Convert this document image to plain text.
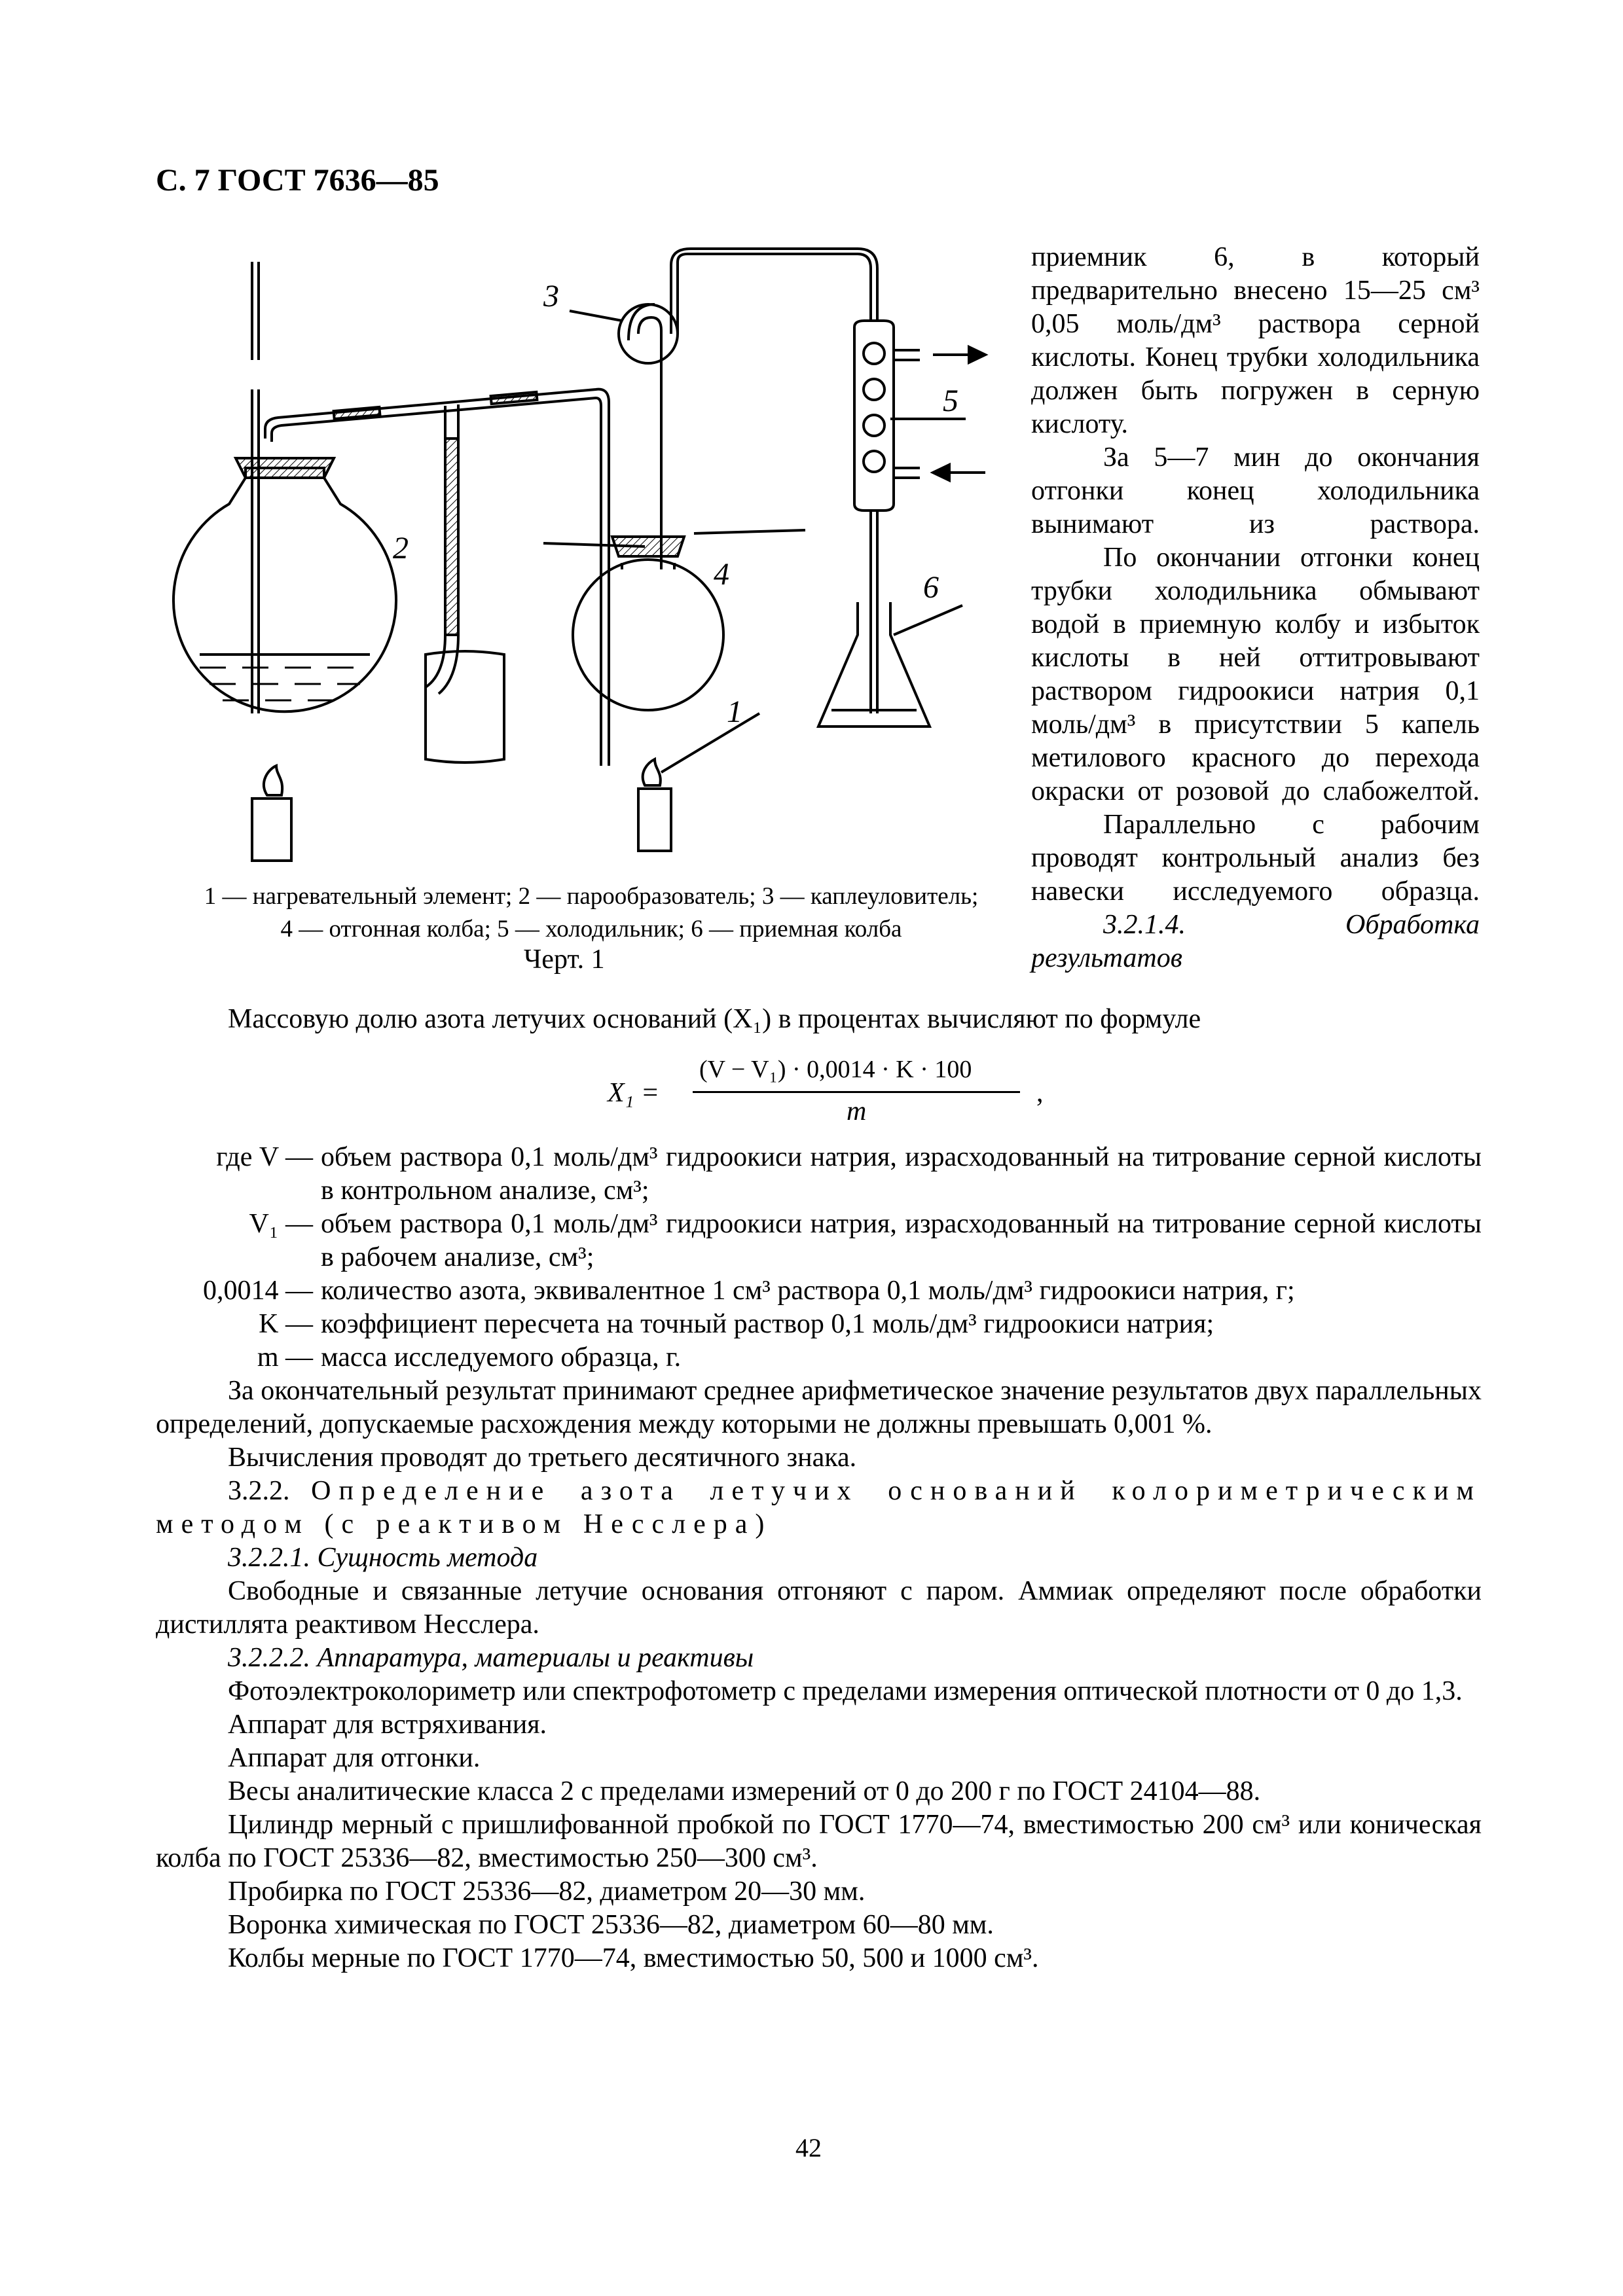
С. 7 ГОСТ 7636—85
3
5
2
4	6
1
1 — нагревательный элемент; 2 — парообразователь; 3 — каплеуловитель;
4 — отгонная колба; 5 — холодильник; 6 — приемная колба
Черт. 1

приемник 6, в который предварительно внесено 15—25 см³ 0,05 моль/дм³ раствора серной кислоты. Конец трубки холодильника должен быть погружен в серную кислоту.

За 5—7 мин до окончания отгонки конец холодильника вынимают из раствора.

По окончании отгонки конец трубки холодильника обмывают водой в приемную колбу и избыток кислоты в ней оттитровывают раствором гидроокиси натрия 0,1 моль/дм³ в присутствии 5 капель метилового красного до перехода окраски от розовой до слабожелтой.

Параллельно с рабочим проводят контрольный анализ без навески исследуемого образца.

3.2.1.4. Обработка результатов

Массовую долю азота летучих оснований (X₁) в процентах вычисляют по формуле

X₁ =
(V − V₁) · 0,0014 · K · 100
m
,
где V — объем раствора 0,1 моль/дм³ гидроокиси натрия, израсходованный на титрование серной кислоты в контрольном анализе, см³;
V₁ — объем раствора 0,1 моль/дм³ гидроокиси натрия, израсходованный на титрование серной кислоты в рабочем анализе, см³;
0,0014 — количество азота, эквивалентное 1 см³ раствора 0,1 моль/дм³ гидроокиси натрия, г;
K — коэффициент пересчета на точный раствор 0,1 моль/дм³ гидроокиси натрия;
m — масса исследуемого образца, г.

За окончательный результат принимают среднее арифметическое значение результатов двух параллельных определений, допускаемые расхождения между которыми не должны превышать 0,001 %.

Вычисления проводят до третьего десятичного знака.

3.2.2. Определение азота летучих оснований колориметрическим методом (с реактивом Несслера)

3.2.2.1. Сущность метода

Свободные и связанные летучие основания отгоняют с паром. Аммиак определяют после обработки дистиллята реактивом Несслера.

3.2.2.2. Аппаратура, материалы и реактивы

Фотоэлектроколориметр или спектрофотометр с пределами измерения оптической плотности от 0 до 1,3.

Аппарат для встряхивания.

Аппарат для отгонки.

Весы аналитические класса 2 с пределами измерений от 0 до 200 г по ГОСТ 24104—88.

Цилиндр мерный с пришлифованной пробкой по ГОСТ 1770—74, вместимостью 200 см³ или коническая колба по ГОСТ 25336—82, вместимостью 250—300 см³.

Пробирка по ГОСТ 25336—82, диаметром 20—30 мм.

Воронка химическая по ГОСТ 25336—82, диаметром 60—80 мм.

Колбы мерные по ГОСТ 1770—74, вместимостью 50, 500 и 1000 см³.

42
